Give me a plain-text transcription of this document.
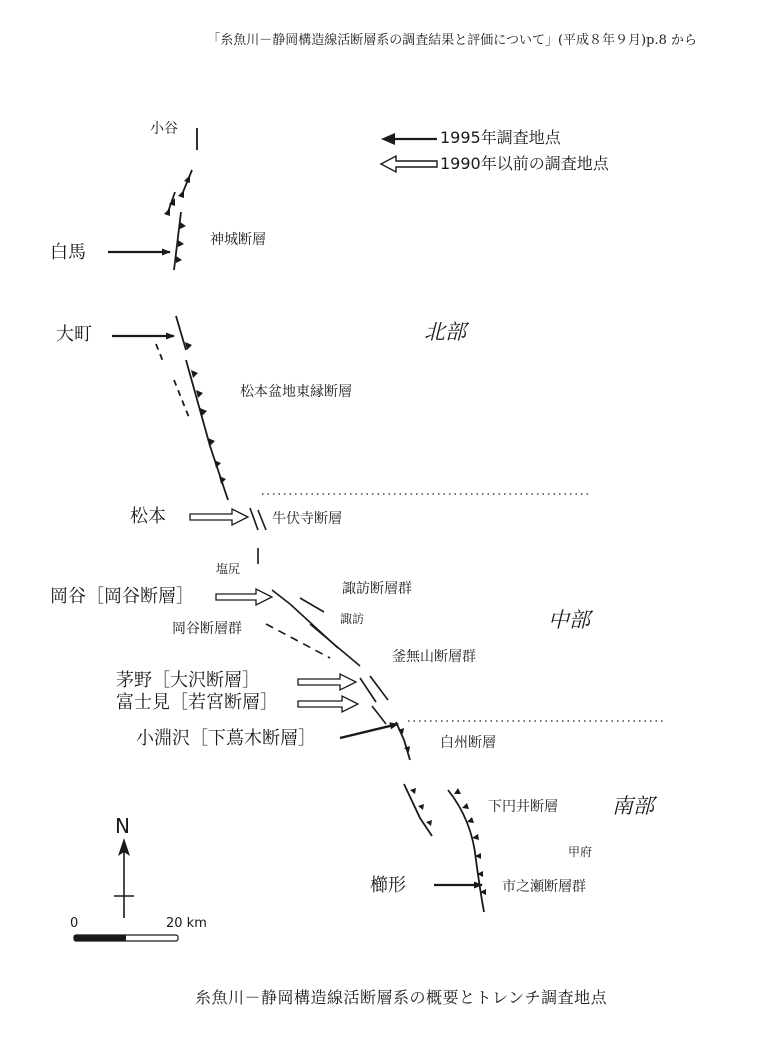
「糸魚川－静岡構造線活断層系の調査結果と評価について」(平成８年９月)p.8 から
1995年調査地点
1990年以前の調査地点
北部
中部
南部
小谷
白馬
大町
松本
塩尻
岡谷［岡谷断層］
諏訪
茅野［大沢断層］
富士見［若宮断層］
小淵沢［下蔦木断層］
甲府
櫛形
神城断層
松本盆地東縁断層
牛伏寺断層
諏訪断層群
岡谷断層群
釜無山断層群
白州断層
下円井断層
市之瀬断層群
N
0	20 km
糸魚川－静岡構造線活断層系の概要とトレンチ調査地点
